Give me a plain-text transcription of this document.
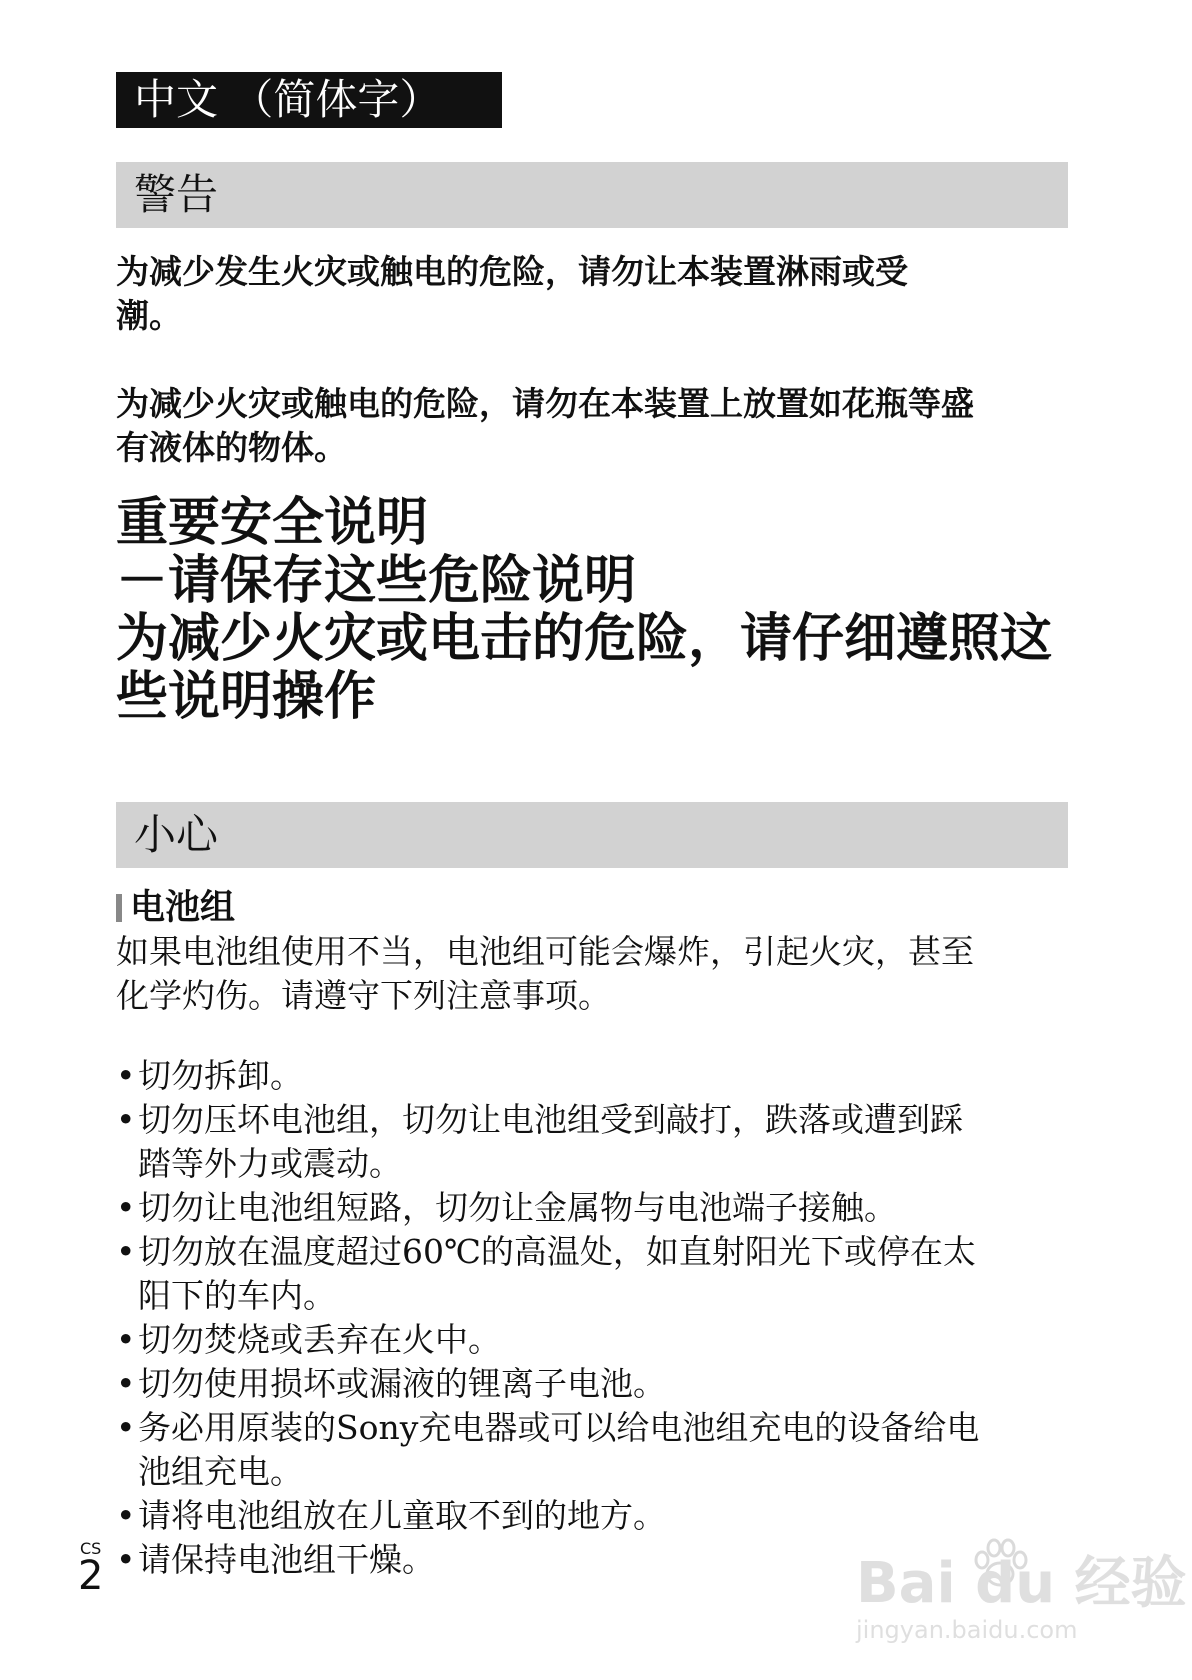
中文 （简体字）
警告
为减少发生火灾或触电的危险，请勿让本装置淋雨或受
潮。
为减少火灾或触电的危险，请勿在本装置上放置如花瓶等盛
有液体的物体。
重要安全说明
－请保存这些危险说明
为减少火灾或电击的危险，请仔细遵照这
些说明操作
小心
电池组
如果电池组使用不当，电池组可能会爆炸，引起火灾，甚至
化学灼伤。请遵守下列注意事项。
• 切勿拆卸。
• 切勿压坏电池组，切勿让电池组受到敲打，跌落或遭到踩
踏等外力或震动。
• 切勿让电池组短路，切勿让金属物与电池端子接触。
• 切勿放在温度超过60℃的高温处，如直射阳光下或停在太
阳下的车内。
• 切勿焚烧或丢弃在火中。
• 切勿使用损坏或漏液的锂离子电池。
• 务必用原装的Sony充电器或可以给电池组充电的设备给电
池组充电。
• 请将电池组放在儿童取不到的地方。
• 请保持电池组干燥。
CS
2	Bai du 经验
jingyan.baidu.com
